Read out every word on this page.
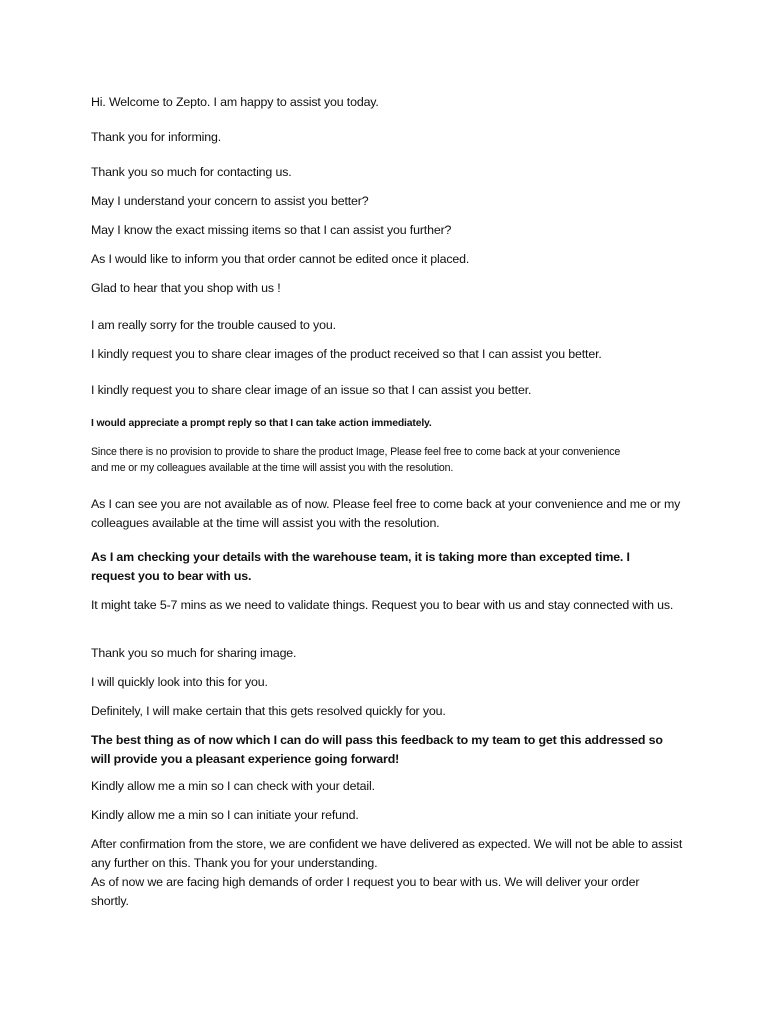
Hi. Welcome to Zepto. I am happy to assist you today.

Thank you for informing.

Thank you so much for contacting us.

May I understand your concern to assist you better?

May I know the exact missing items so that I can assist you further?

As I would like to inform you that order cannot be edited once it placed.

Glad to hear that you shop with us !

I am really sorry for the trouble caused to you.

I kindly request you to share clear images of the product received so that I can assist you better.

I kindly request you to share clear image of an issue so that I can assist you better.

I would appreciate a prompt reply so that I can take action immediately.

Since there is no provision to provide to share the product Image, Please feel free to come back at your convenience and me or my colleagues available at the time will assist you with the resolution.

As I can see you are not available as of now. Please feel free to come back at your convenience and me or my colleagues available at the time will assist you with the resolution.

As I am checking your details with the warehouse team, it is taking more than excepted time. I request you to bear with us.

It might take 5-7 mins as we need to validate things. Request you to bear with us and stay connected with us.

Thank you so much for sharing image.

I will quickly look into this for you.

Definitely, I will make certain that this gets resolved quickly for you.

The best thing as of now which I can do will pass this feedback to my team to get this addressed so will provide you a pleasant experience going forward!

Kindly allow me a min so I can check with your detail.

Kindly allow me a min so I can initiate your refund.

After confirmation from the store, we are confident we have delivered as expected. We will not be able to assist any further on this. Thank you for your understanding.

As of now we are facing high demands of order I request you to bear with us. We will deliver your order shortly.
